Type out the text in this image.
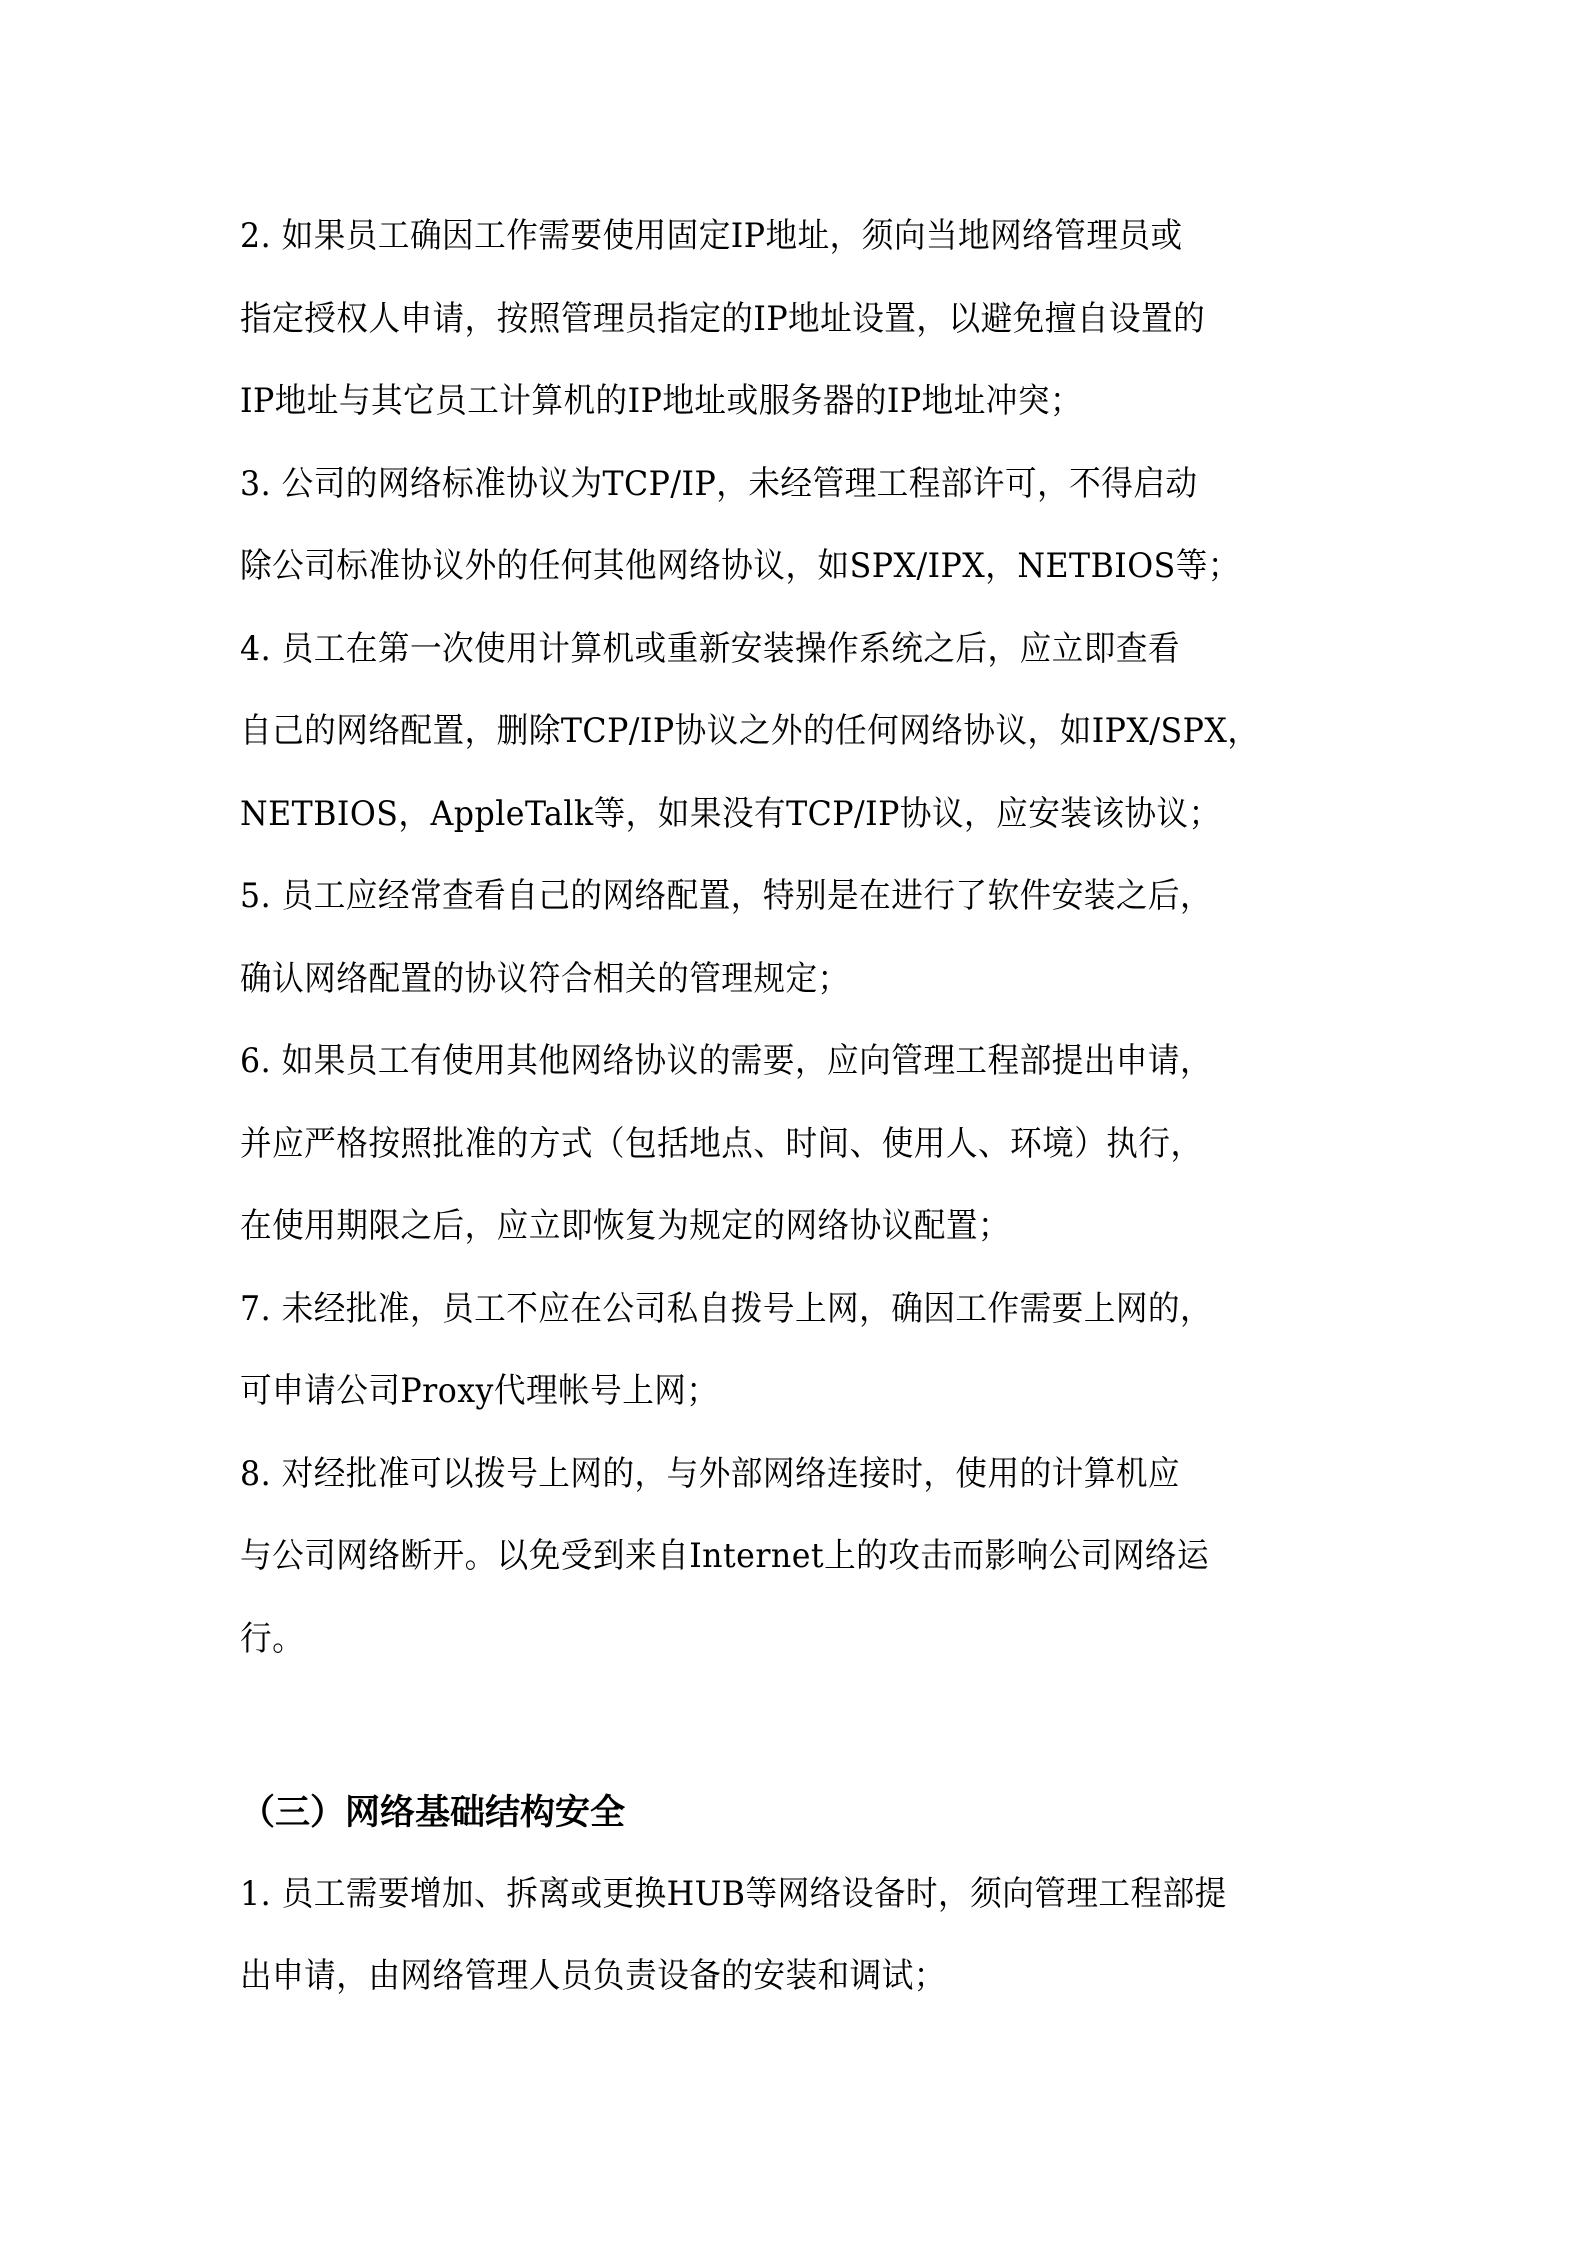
2. 如果员工确因工作需要使用固定IP地址，须向当地网络管理员或
指定授权人申请，按照管理员指定的IP地址设置，以避免擅自设置的
IP地址与其它员工计算机的IP地址或服务器的IP地址冲突；
3. 公司的网络标准协议为TCP/IP，未经管理工程部许可，不得启动
除公司标准协议外的任何其他网络协议，如SPX/IPX，NETBIOS等；
4. 员工在第一次使用计算机或重新安装操作系统之后，应立即查看
自己的网络配置，删除TCP/IP协议之外的任何网络协议，如IPX/SPX，
NETBIOS，AppleTalk等，如果没有TCP/IP协议，应安装该协议；
5. 员工应经常查看自己的网络配置，特别是在进行了软件安装之后，
确认网络配置的协议符合相关的管理规定；
6. 如果员工有使用其他网络协议的需要，应向管理工程部提出申请，
并应严格按照批准的方式（包括地点、时间、使用人、环境）执行，
在使用期限之后，应立即恢复为规定的网络协议配置；
7. 未经批准，员工不应在公司私自拨号上网，确因工作需要上网的，
可申请公司Proxy代理帐号上网；
8. 对经批准可以拨号上网的，与外部网络连接时，使用的计算机应
与公司网络断开。以免受到来自Internet上的攻击而影响公司网络运
行。
（三）网络基础结构安全
1. 员工需要增加、拆离或更换HUB等网络设备时，须向管理工程部提
出申请，由网络管理人员负责设备的安装和调试；
